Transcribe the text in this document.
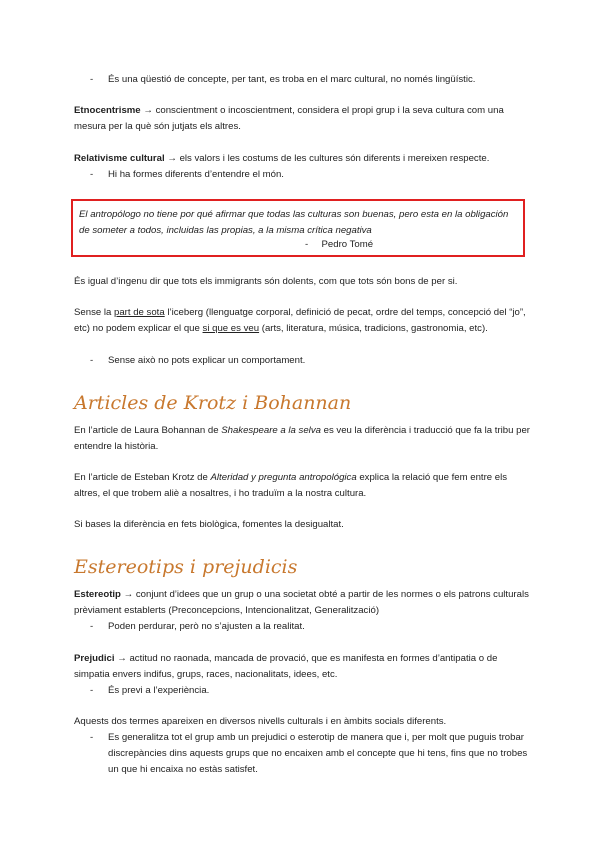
- És una qüestió de concepte, per tant, es troba en el marc cultural, no només lingüístic.

Etnocentrisme → conscientment o incoscientment, considera el propi grup i la seva cultura com una mesura per la què són jutjats els altres.

Relativisme cultural → els valors i les costums de les cultures són diferents i mereixen respecte.

- Hi ha formes diferents d’entendre el món.
El antropólogo no tiene por qué afirmar que todas las culturas son buenas, pero esta en la obligación de someter a todos, incluidas las propias, a la misma crítica negativa
- Pedro Tomé

És igual d’ingenu dir que tots els immigrants són dolents, com que tots són bons de per si.

Sense la part de sota l’iceberg (llenguatge corporal, definició de pecat, ordre del temps, concepció del “jo”, etc) no podem explicar el que si que es veu (arts, literatura, música, tradicions, gastronomia, etc).

- Sense això no pots explicar un comportament.
Articles de Krotz i Bohannan

En l’article de Laura Bohannan de Shakespeare a la selva es veu la diferència i traducció que fa la tribu per entendre la història.

En l’article de Esteban Krotz de Alteridad y pregunta antropológica explica la relació que fem entre els altres, el que trobem aliè a nosaltres, i ho traduïm a la nostra cultura.

Si bases la diferència en fets biològica, fomentes la desigualtat.

Estereotips i prejudicis

Estereotip → conjunt d’idees que un grup o una societat obté a partir de les normes o els patrons culturals prèviament establerts (Preconcepcions, Intencionalitzat, Generalització)

- Poden perdurar, però no s’ajusten a la realitat.

Prejudici → actitud no raonada, mancada de provació, que es manifesta en formes d’antipatia o de simpatia envers indifus, grups, races, nacionalitats, idees, etc.

- És previ a l’experiència.

Aquests dos termes apareixen en diversos nivells culturals i en àmbits socials diferents.

- Es generalitza tot el grup amb un prejudici o esterotip de manera que i, per molt que puguis trobar discrepàncies dins aquests grups que no encaixen amb el concepte que hi tens, fins que no trobes un que hi encaixa no estàs satisfet.
